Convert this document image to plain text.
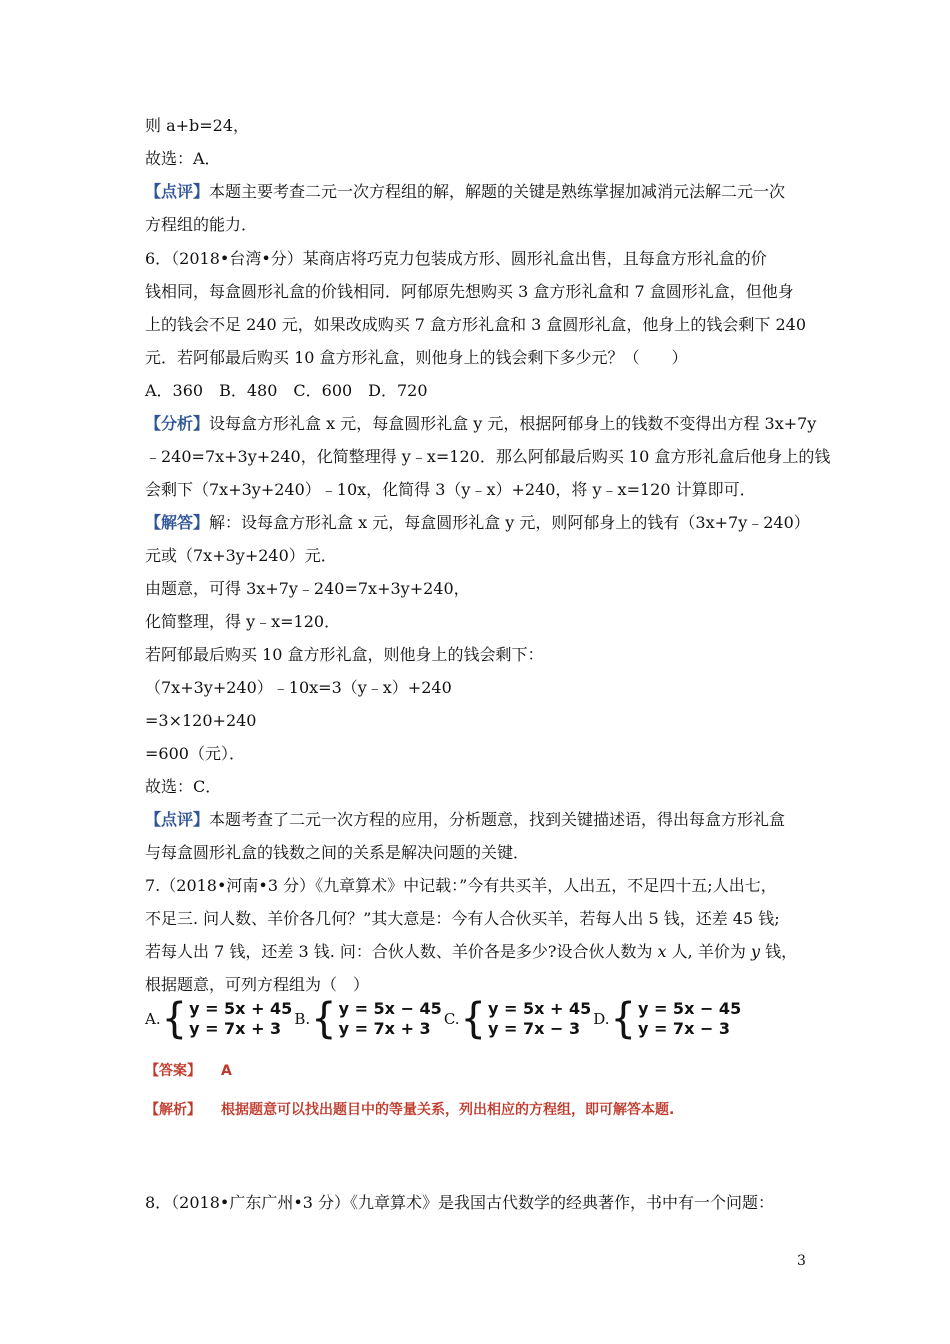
则 a+b=24，
故选：A．
【点评】本题主要考查二元一次方程组的解，解题的关键是熟练掌握加减消元法解二元一次
方程组的能力．
6．（2018•台湾•分）某商店将巧克力包装成方形、圆形礼盒出售，且每盒方形礼盒的价
钱相同，每盒圆形礼盒的价钱相同．阿郁原先想购买 3 盒方形礼盒和 7 盒圆形礼盒，但他身
上的钱会不足 240 元，如果改成购买 7 盒方形礼盒和 3 盒圆形礼盒，他身上的钱会剩下 240
元．若阿郁最后购买 10 盒方形礼盒，则他身上的钱会剩下多少元？（　　）
A．360　B．480　C．600　D．720
【分析】设每盒方形礼盒 x 元，每盒圆形礼盒 y 元，根据阿郁身上的钱数不变得出方程 3x+7y
﹣240=7x+3y+240，化简整理得 y﹣x=120．那么阿郁最后购买 10 盒方形礼盒后他身上的钱
会剩下（7x+3y+240）﹣10x，化简得 3（y﹣x）+240，将 y﹣x=120 计算即可．
【解答】解：设每盒方形礼盒 x 元，每盒圆形礼盒 y 元，则阿郁身上的钱有（3x+7y﹣240）
元或（7x+3y+240）元．
由题意，可得 3x+7y﹣240=7x+3y+240，
化简整理，得 y﹣x=120．
若阿郁最后购买 10 盒方形礼盒，则他身上的钱会剩下：
（7x+3y+240）﹣10x=3（y﹣x）+240
=3×120+240
=600（元）．
故选：C．
【点评】本题考查了二元一次方程的应用，分析题意，找到关键描述语，得出每盒方形礼盒
与每盒圆形礼盒的钱数之间的关系是解决问题的关键．
7.（2018•河南•3 分）《九章算术》中记载：”今有共买羊，人出五，不足四十五;人出七，
不足三. 问人数、羊价各几何？”其大意是：今有人合伙买羊，若每人出 5 钱，还差 45 钱;
若每人出 7 钱，还差 3 钱. 问：合伙人数、羊价各是多少?设合伙人数为 x 人, 羊价为 y 钱，
根据题意，可列方程组为（　）
A. { y = 5x + 45
y = 7x + 3 B. { y = 5x − 45
y = 7x + 3 C. { y = 5x + 45
y = 7x − 3 D. { y = 5x − 45
y = 7x − 3
【答案】 A
【解析】 根据题意可以找出题目中的等量关系，列出相应的方程组，即可解答本题.
8．（2018•广东广州•3 分）《九章算术》是我国古代数学的经典著作，书中有一个问题：
3
